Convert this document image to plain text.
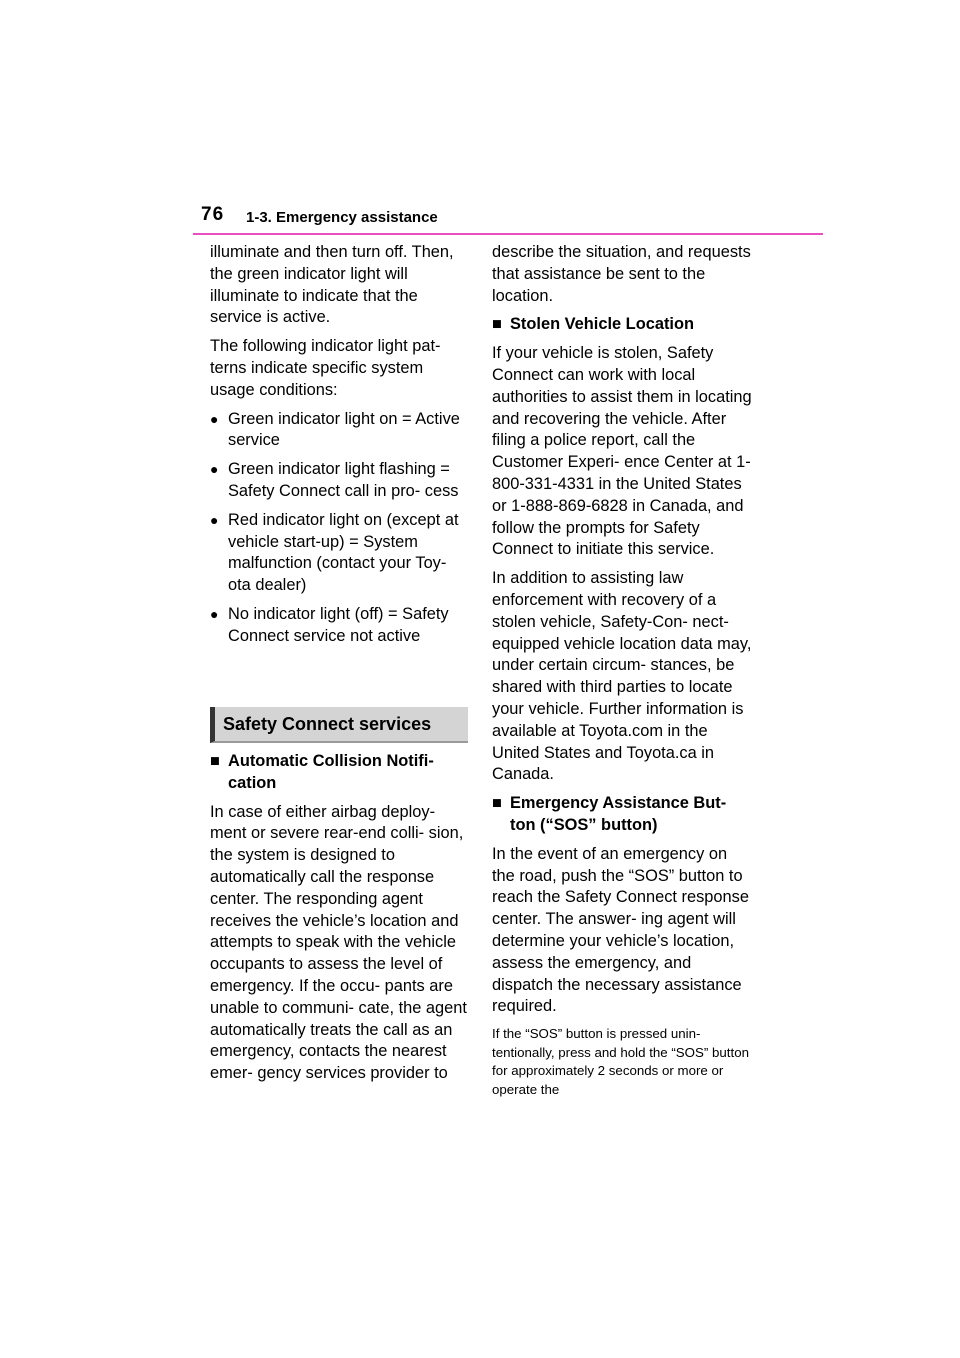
76 1-3. Emergency assistance

illuminate and then turn off. Then, the green indicator light will illuminate to indicate that the service is active.

The following indicator light pat- terns indicate specific system usage conditions:

● Green indicator light on = Active service
● Green indicator light flashing = Safety Connect call in pro- cess
● Red indicator light on (except at vehicle start-up) = System malfunction (contact your Toy- ota dealer)
● No indicator light (off) = Safety Connect service not active
Safety Connect services
■ Automatic Collision Notifi- cation

In case of either airbag deploy- ment or severe rear-end colli- sion, the system is designed to automatically call the response center. The responding agent receives the vehicle’s location and attempts to speak with the vehicle occupants to assess the level of emergency. If the occu- pants are unable to communi- cate, the agent automatically treats the call as an emergency, contacts the nearest emer- gency services provider to

describe the situation, and requests that assistance be sent to the location.

■ Stolen Vehicle Location

If your vehicle is stolen, Safety Connect can work with local authorities to assist them in locating and recovering the vehicle. After filing a police report, call the Customer Experi- ence Center at 1-800-331-4331 in the United States or 1-888-869-6828 in Canada, and follow the prompts for Safety Connect to initiate this service.

In addition to assisting law enforcement with recovery of a stolen vehicle, Safety-Con- nect-equipped vehicle location data may, under certain circum- stances, be shared with third parties to locate your vehicle. Further information is available at Toyota.com in the United States and Toyota.ca in Canada.

■ Emergency Assistance But- ton (“SOS” button)

In the event of an emergency on the road, push the “SOS” button to reach the Safety Connect response center. The answer- ing agent will determine your vehicle’s location, assess the emergency, and dispatch the necessary assistance required.

If the “SOS” button is pressed unin- tentionally, press and hold the “SOS” button for approximately 2 seconds or more or operate the
